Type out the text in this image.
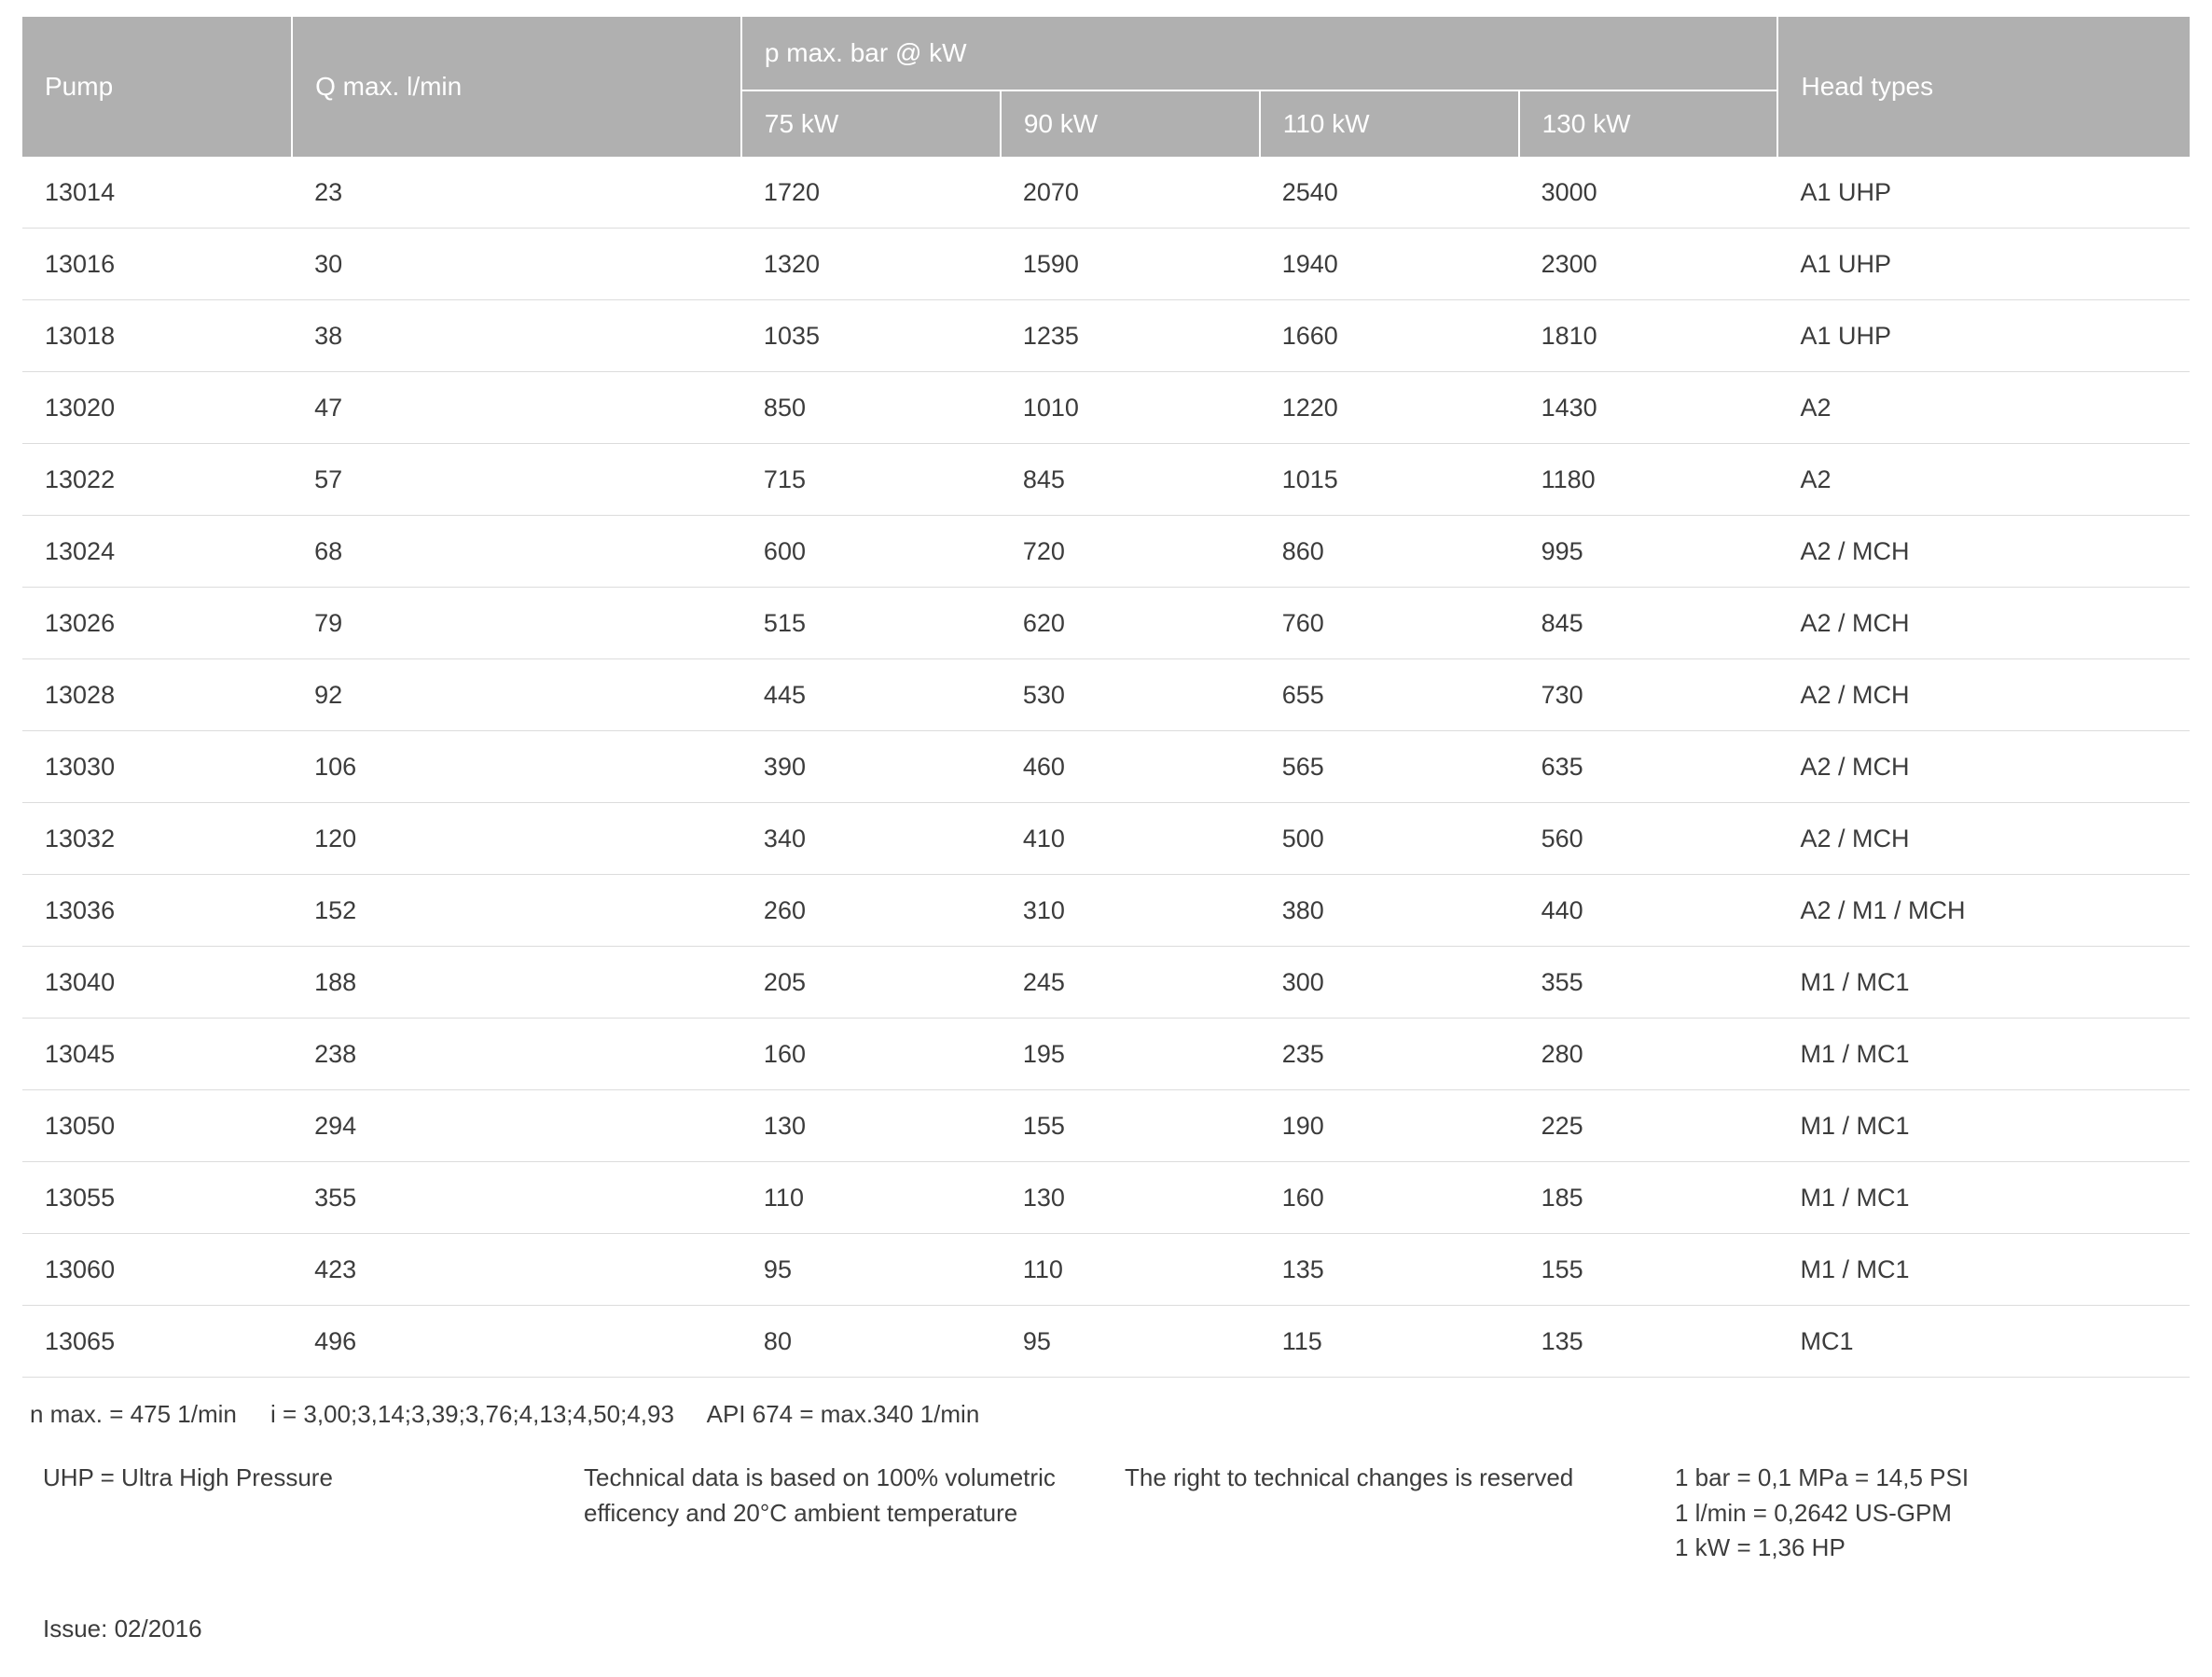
Pump	Q max. l/min	p max. bar @ kW				Head types
		75 kW	90 kW	110 kW	130 kW	
13014	23	1720	2070	2540	3000	A1 UHP
13016	30	1320	1590	1940	2300	A1 UHP
13018	38	1035	1235	1660	1810	A1 UHP
13020	47	850	1010	1220	1430	A2
13022	57	715	845	1015	1180	A2
13024	68	600	720	860	995	A2 / MCH
13026	79	515	620	760	845	A2 / MCH
13028	92	445	530	655	730	A2 / MCH
13030	106	390	460	565	635	A2 / MCH
13032	120	340	410	500	560	A2 / MCH
13036	152	260	310	380	440	A2 / M1 / MCH
13040	188	205	245	300	355	M1 / MC1
13045	238	160	195	235	280	M1 / MC1
13050	294	130	155	190	225	M1 / MC1
13055	355	110	130	160	185	M1 / MC1
13060	423	95	110	135	155	M1 / MC1
13065	496	80	95	115	135	MC1
n max. = 475 1/min     i = 3,00;3,14;3,39;3,76;4,13;4,50;4,93     API 674 = max.340 1/min
UHP = Ultra High Pressure	Technical data is based on 100% volumetric efficency and 20°C ambient temperature
The right to technical changes is reserved	1 bar = 0,1 MPa = 14,5 PSI
1 l/min = 0,2642 US-GPM
1 kW = 1,36 HP
Issue: 02/2016
